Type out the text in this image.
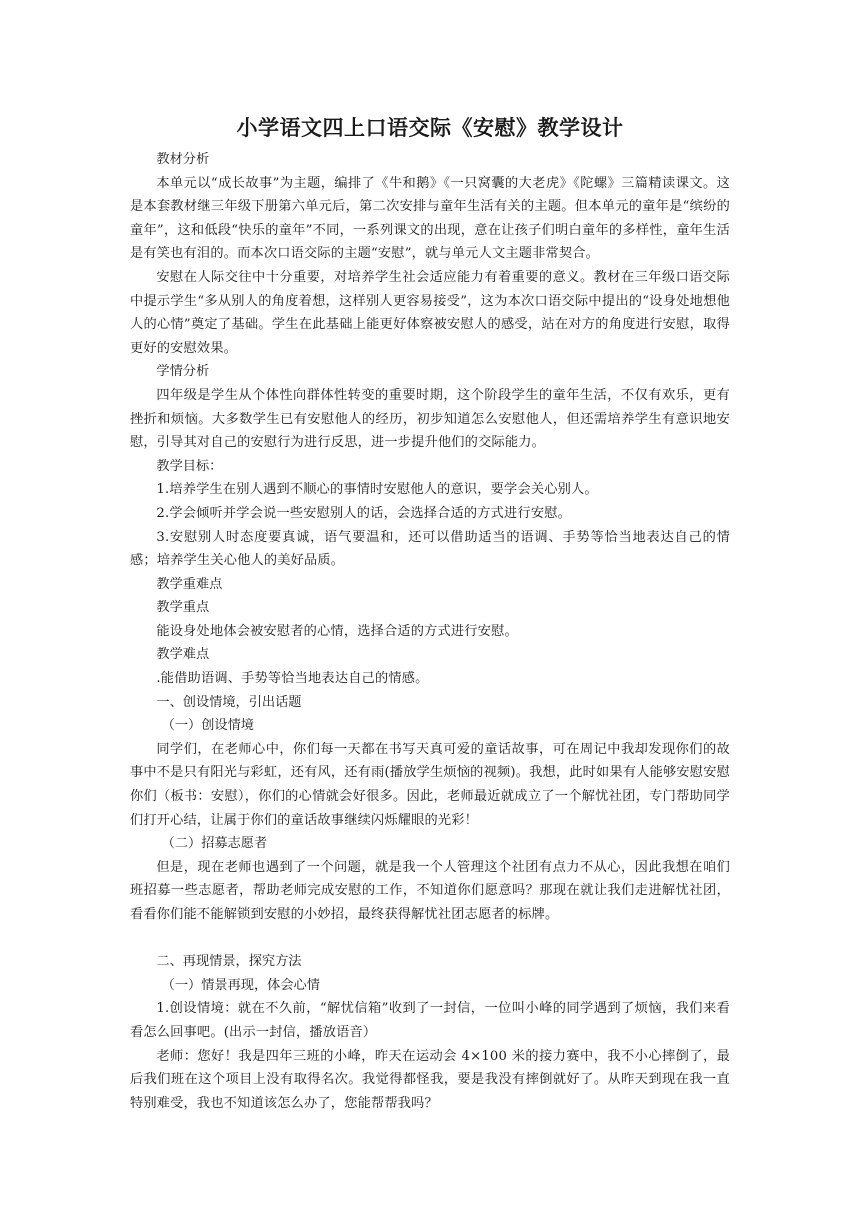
小学语文四上口语交际《安慰》教学设计

教材分析

本单元以“成长故事”为主题，编排了《牛和鹅》《一只窝囊的大老虎》《陀螺》三篇精读课文。这是本套教材继三年级下册第六单元后，第二次安排与童年生活有关的主题。但本单元的童年是“缤纷的童年”，这和低段“快乐的童年”不同，一系列课文的出现，意在让孩子们明白童年的多样性，童年生活是有笑也有泪的。而本次口语交际的主题“安慰”，就与单元人文主题非常契合。

安慰在人际交往中十分重要，对培养学生社会适应能力有着重要的意义。教材在三年级口语交际中提示学生“多从别人的角度着想，这样别人更容易接受”，这为本次口语交际中提出的“设身处地想他人的心情”奠定了基础。学生在此基础上能更好体察被安慰人的感受，站在对方的角度进行安慰，取得更好的安慰效果。

学情分析

四年级是学生从个体性向群体性转变的重要时期，这个阶段学生的童年生活，不仅有欢乐，更有挫折和烦恼。大多数学生已有安慰他人的经历，初步知道怎么安慰他人，但还需培养学生有意识地安慰，引导其对自己的安慰行为进行反思，进一步提升他们的交际能力。

教学目标：

1.培养学生在别人遇到不顺心的事情时安慰他人的意识，要学会关心别人。

2.学会倾听并学会说一些安慰别人的话，会选择合适的方式进行安慰。

3.安慰别人时态度要真诚，语气要温和，还可以借助适当的语调、手势等恰当地表达自己的情感；培养学生关心他人的美好品质。

教学重难点

教学重点

能设身处地体会被安慰者的心情，选择合适的方式进行安慰。

教学难点

.能借助语调、手势等恰当地表达自己的情感。

一、创设情境，引出话题

（一）创设情境

同学们，在老师心中，你们每一天都在书写天真可爱的童话故事，可在周记中我却发现你们的故事中不是只有阳光与彩虹，还有风，还有雨(播放学生烦恼的视频)。我想，此时如果有人能够安慰安慰你们（板书：安慰），你们的心情就会好很多。因此，老师最近就成立了一个解忧社团，专门帮助同学们打开心结，让属于你们的童话故事继续闪烁耀眼的光彩！

（二）招募志愿者

但是，现在老师也遇到了一个问题，就是我一个人管理这个社团有点力不从心，因此我想在咱们班招募一些志愿者，帮助老师完成安慰的工作，不知道你们愿意吗？那现在就让我们走进解忧社团，看看你们能不能解锁到安慰的小妙招，最终获得解忧社团志愿者的标牌。

二、再现情景，探究方法

（一）情景再现，体会心情

1.创设情境：就在不久前，“解忧信箱”收到了一封信，一位叫小峰的同学遇到了烦恼，我们来看看怎么回事吧。(出示一封信，播放语音）

老师：您好！我是四年三班的小峰，昨天在运动会 4×100 米的接力赛中，我不小心摔倒了，最后我们班在这个项目上没有取得名次。我觉得都怪我，要是我没有摔倒就好了。从昨天到现在我一直特别难受，我也不知道该怎么办了，您能帮帮我吗？
